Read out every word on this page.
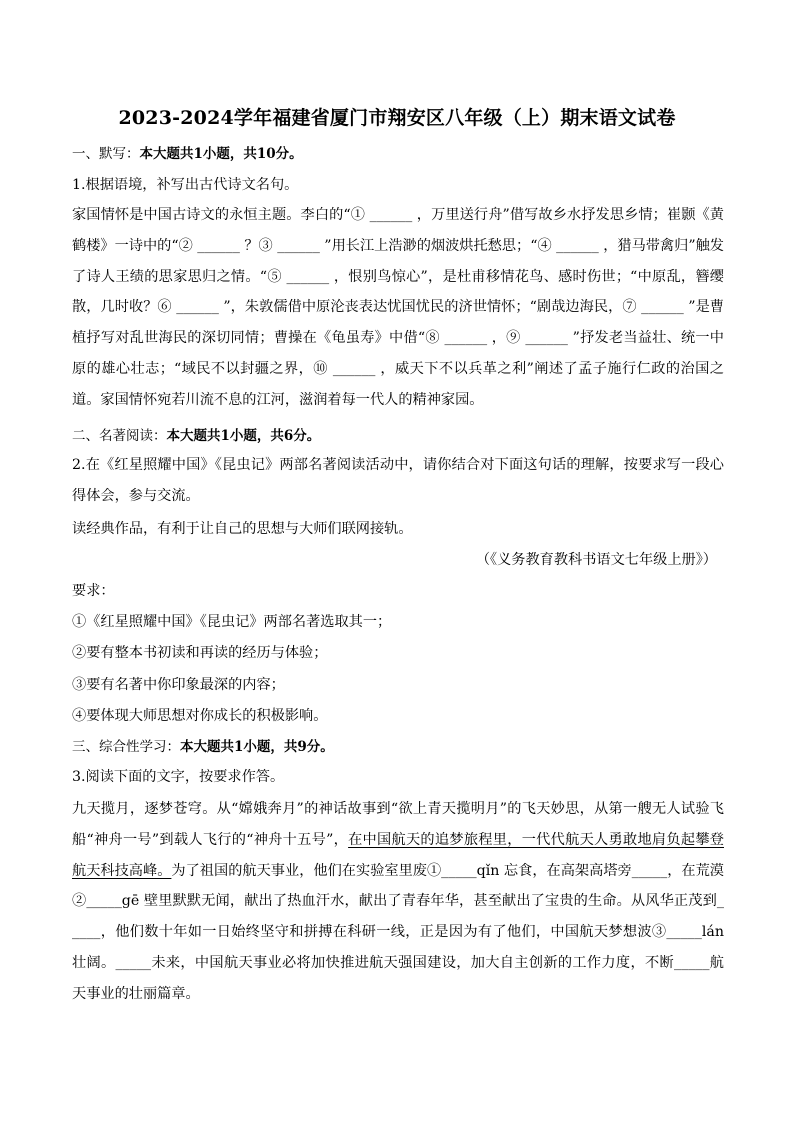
2023-2024学年福建省厦门市翔安区八年级（上）期末语文试卷
一、默写：本大题共1小题，共10分。
1.根据语境，补写出古代诗文名句。
家国情怀是中国古诗文的永恒主题。李白的“① ______ ，万里送行舟”借写故乡水抒发思乡情；崔颢《黄鹤楼》一诗中的“② ______ ？③ ______ ”用长江上浩渺的烟波烘托愁思；“④ ______ ，猎马带禽归”触发了诗人王绩的思家思归之情。“⑤ ______ ，恨别鸟惊心”，是杜甫移情花鸟、感时伤世；“中原乱，簪缨散，几时收？⑥ ______ ”，朱敦儒借中原沦丧表达忧国忧民的济世情怀；“剧哉边海民，⑦ ______ ”是曹植抒写对乱世海民的深切同情；曹操在《龟虽寿》中借“⑧ ______ ，⑨ ______ ”抒发老当益壮、统一中原的雄心壮志；“域民不以封疆之界，⑩ ______ ，威天下不以兵革之利”阐述了孟子施行仁政的治国之道。家国情怀宛若川流不息的江河，滋润着每一代人的精神家园。
二、名著阅读：本大题共1小题，共6分。
2.在《红星照耀中国》《昆虫记》两部名著阅读活动中，请你结合对下面这句话的理解，按要求写一段心得体会，参与交流。
读经典作品，有利于让自己的思想与大师们联网接轨。
（《义务教育教科书语文七年级上册》）
要求：
①《红星照耀中国》《昆虫记》两部名著选取其一；
②要有整本书初读和再读的经历与体验；
③要有名著中你印象最深的内容；
④要体现大师思想对你成长的积极影响。
三、综合性学习：本大题共1小题，共9分。
3.阅读下面的文字，按要求作答。
九天揽月，逐梦苍穹。从“嫦娥奔月”的神话故事到“欲上青天揽明月”的飞天妙思，从第一艘无人试验飞船“神舟一号”到载人飞行的“神舟十五号”，在中国航天的追梦旅程里，一代代航天人勇敢地肩负起攀登航天科技高峰。为了祖国的航天事业，他们在实验室里废①_____qǐn 忘食，在高架高塔旁_____，在荒漠②_____gē 壁里默默无闻，献出了热血汗水，献出了青春年华，甚至献出了宝贵的生命。从风华正茂到_____，他们数十年如一日始终坚守和拼搏在科研一线，正是因为有了他们，中国航天梦想波③_____lán 壮阔。_____未来，中国航天事业必将加快推进航天强国建设，加大自主创新的工作力度，不断_____航天事业的壮丽篇章。
